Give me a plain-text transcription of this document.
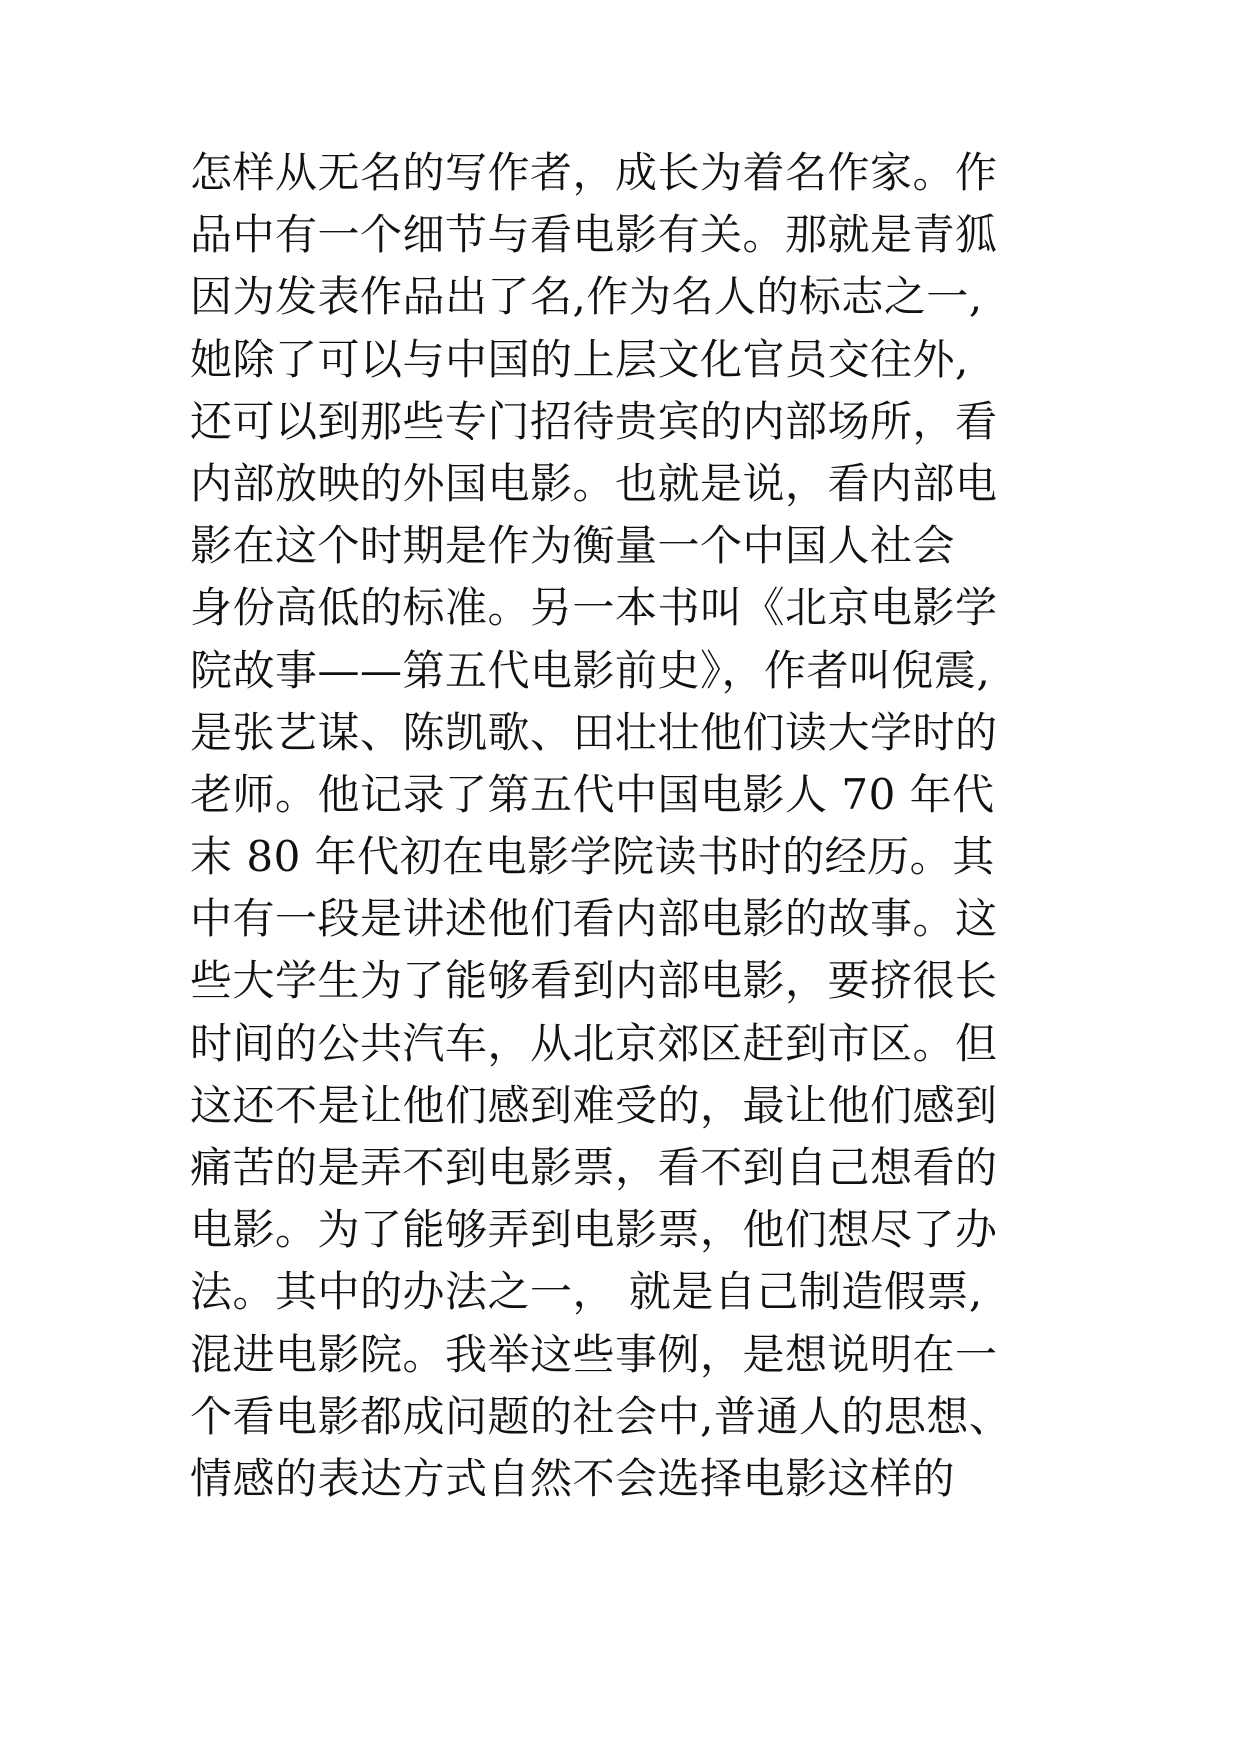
怎样从无名的写作者，成长为着名作家。作
品中有一个细节与看电影有关。那就是青狐
因为发表作品出了名,作为名人的标志之一,
她除了可以与中国的上层文化官员交往外,
还可以到那些专门招待贵宾的内部场所，看
内部放映的外国电影。也就是说，看内部电
影在这个时期是作为衡量一个中国人社会
身份高低的标准。另一本书叫《北京电影学
院故事——第五代电影前史》，作者叫倪震,
是张艺谋、陈凯歌、田壮壮他们读大学时的
老师。他记录了第五代中国电影人 70 年代
末 80 年代初在电影学院读书时的经历。其
中有一段是讲述他们看内部电影的故事。这
些大学生为了能够看到内部电影，要挤很长
时间的公共汽车，从北京郊区赶到市区。但
这还不是让他们感到难受的，最让他们感到
痛苦的是弄不到电影票，看不到自己想看的
电影。为了能够弄到电影票，他们想尽了办
法。其中的办法之一， 就是自己制造假票,
混进电影院。我举这些事例，是想说明在一
个看电影都成问题的社会中,普通人的思想、
情感的表达方式自然不会选择电影这样的
